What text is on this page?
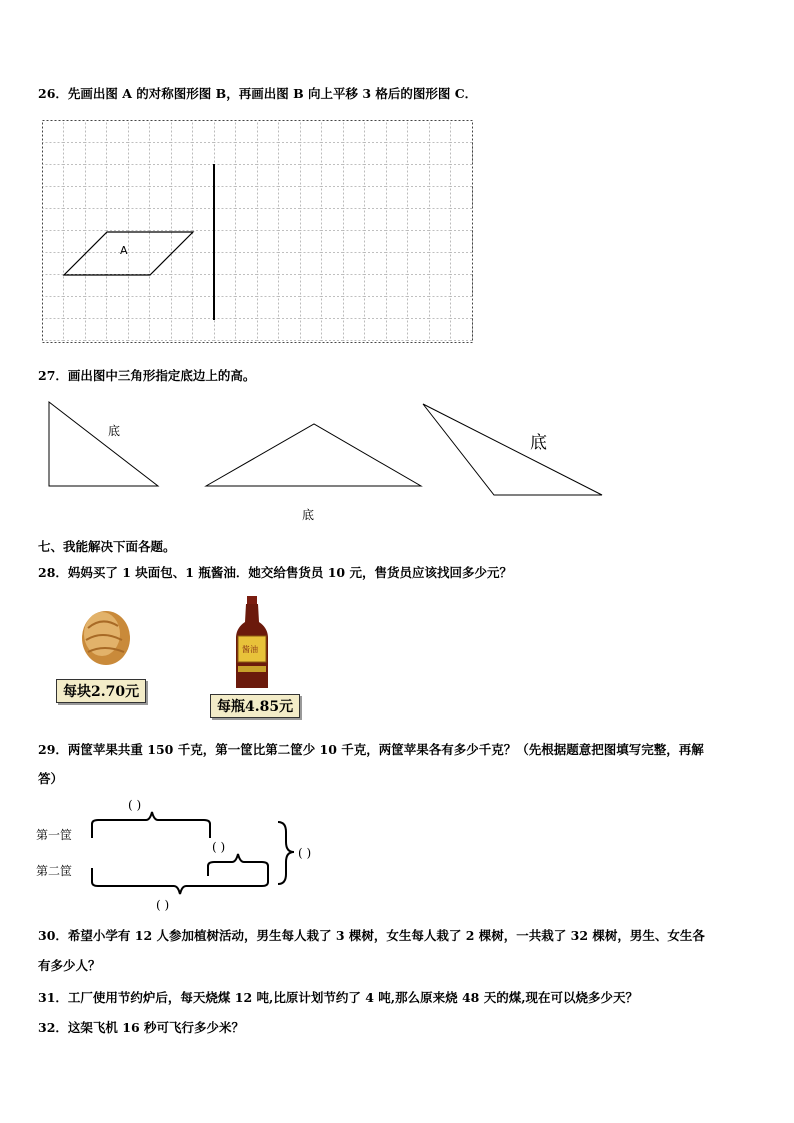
26．先画出图 A 的对称图形图 B，再画出图 B 向上平移 3 格后的图形图 C．
A
27．画出图中三角形指定底边上的高。
底
底
底
七、我能解决下面各题。
28．妈妈买了 1 块面包、1 瓶酱油．她交给售货员 10 元，售货员应该找回多少元？
每块2.70元
酱油
每瓶4.85元
29．两筐苹果共重 150 千克，第一筐比第二筐少 10 千克，两筐苹果各有多少千克？（先根据题意把图填写完整，再解
答）
第一筐
第二筐
( )
( )	( )
( )
30．希望小学有 12 人参加植树活动，男生每人栽了 3 棵树，女生每人栽了 2 棵树，一共栽了 32 棵树，男生、女生各
有多少人？
31．工厂使用节约炉后，每天烧煤 12 吨,比原计划节约了 4 吨,那么原来烧 48 天的煤,现在可以烧多少天？
32．这架飞机 16 秒可飞行多少米？
